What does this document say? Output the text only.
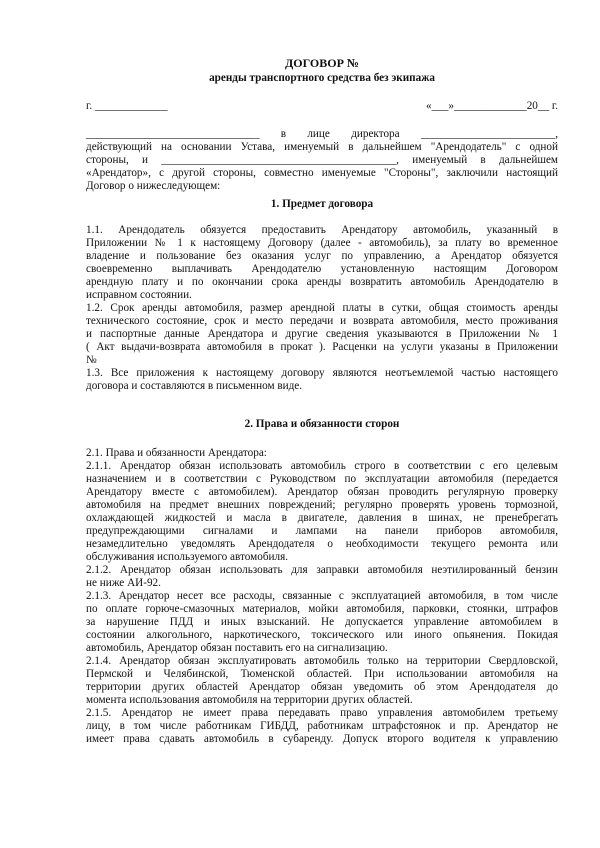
ДОГОВОР №
аренды транспортного средства без экипажа
г. _____________	«___»_____________20__ г.
_______________________________ в лице директора ________________________,
действующий на основании Устава, именуемый в дальнейшем "Арендодатель" с одной
стороны, и __________________________________________, именуемый в дальнейшем
«Арендатор», с другой стороны, совместно именуемые "Стороны", заключили настоящий
Договор о нижеследующем:
1. Предмет договора
1.1. Арендодатель обязуется предоставить Арендатору автомобиль, указанный в
Приложении № 1 к настоящему Договору (далее - автомобиль), за плату во временное
владение и пользование без оказания услуг по управлению, а Арендатор обязуется
своевременно выплачивать Арендодателю установленную настоящим Договором
арендную плату и по окончании срока аренды возвратить автомобиль Арендодателю в
исправном состоянии.
1.2. Срок аренды автомобиля, размер арендной платы в сутки, общая стоимость аренды
технического состояние, срок и место передачи и возврата автомобиля, место проживания
и паспортные данные Арендатора и другие сведения указываются в Приложении № 1
( Акт выдачи-возврата автомобиля в прокат ). Расценки на услуги указаны в Приложении
№
1.3. Все приложения к настоящему договору являются неотъемлемой частью настоящего
договора и составляются в письменном виде.
2. Права и обязанности сторон
2.1. Права и обязанности Арендатора:
2.1.1. Арендатор обязан использовать автомобиль строго в соответствии с его целевым
назначением и в соответствии с Руководством по эксплуатации автомобиля (передается
Арендатору вместе с автомобилем). Арендатор обязан проводить регулярную проверку
автомобиля на предмет внешних повреждений; регулярно проверять уровень тормозной,
охлаждающей жидкостей и масла в двигателе, давления в шинах, не пренебрегать
предупреждающими сигналами и лампами на панели приборов автомобиля,
незамедлительно уведомлять Арендодателя о необходимости текущего ремонта или
обслуживания используемого автомобиля.
2.1.2. Арендатор обязан использовать для заправки автомобиля неэтилированный бензин
не ниже АИ-92.
2.1.3. Арендатор несет все расходы, связанные с эксплуатацией автомобиля, в том числе
по оплате горюче-смазочных материалов, мойки автомобиля, парковки, стоянки, штрафов
за нарушение ПДД и иных взысканий. Не допускается управление автомобилем в
состоянии алкогольного, наркотического, токсического или иного опьянения. Покидая
автомобиль, Арендатор обязан поставить его на сигнализацию.
2.1.4. Арендатор обязан эксплуатировать автомобиль только на территории Свердловской,
Пермской и Челябинской, Тюменской областей. При использовании автомобиля на
территории других областей Арендатор обязан уведомить об этом Арендодателя до
момента использования автомобиля на территории других областей.
2.1.5. Арендатор не имеет права передавать право управления автомобилем третьему
лицу, в том числе работникам ГИБДД, работникам штрафстоянок и пр. Арендатор не
имеет права сдавать автомобиль в субаренду. Допуск второго водителя к управлению
